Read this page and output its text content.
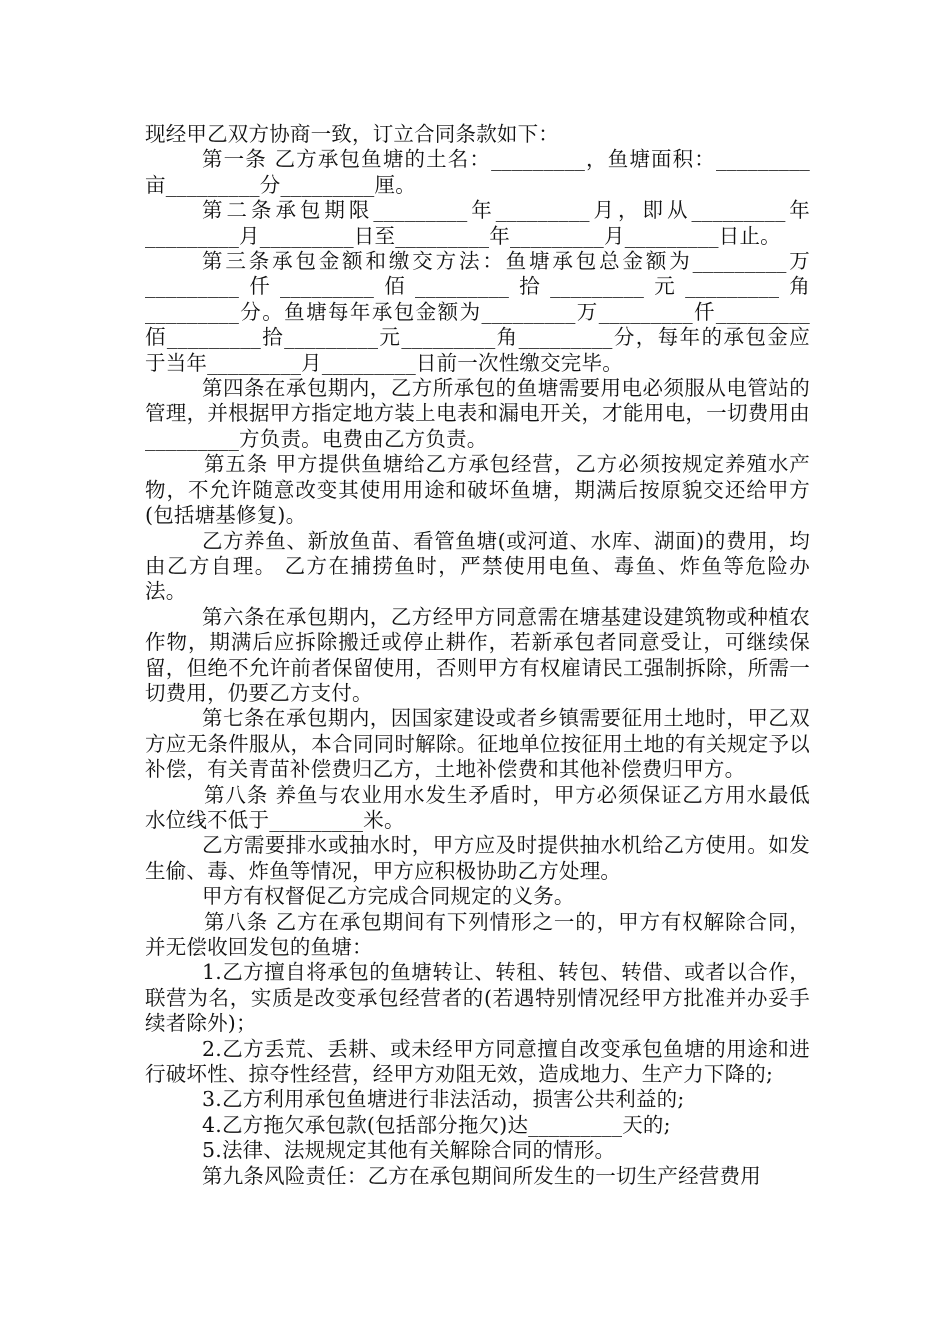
现经甲乙双方协商一致，订立合同条款如下：

第一条 乙方承包鱼塘的土名：_________，鱼塘面积：_________亩_________分_________厘。

第二条承包期限_________年_________月，即从_________年_________月_________日至_________年_________月_________日止。

第三条承包金额和缴交方法：鱼塘承包总金额为_________万_________仟_________佰_________拾_________元_________角_________分。鱼塘每年承包金额为_________万_________仟_________佰_________拾_________元_________角_________分，每年的承包金应于当年_________月_________日前一次性缴交完毕。

第四条在承包期内，乙方所承包的鱼塘需要用电必须服从电管站的管理，并根据甲方指定地方装上电表和漏电开关，才能用电，一切费用由_________方负责。电费由乙方负责。

第五条 甲方提供鱼塘给乙方承包经营，乙方必须按规定养殖水产物，不允许随意改变其使用用途和破坏鱼塘，期满后按原貌交还给甲方(包括塘基修复)。

乙方养鱼、新放鱼苗、看管鱼塘(或河道、水库、湖面)的费用，均由乙方自理。 乙方在捕捞鱼时，严禁使用电鱼、毒鱼、炸鱼等危险办法。

第六条在承包期内，乙方经甲方同意需在塘基建设建筑物或种植农作物，期满后应拆除搬迁或停止耕作，若新承包者同意受让，可继续保留，但绝不允许前者保留使用，否则甲方有权雇请民工强制拆除，所需一切费用，仍要乙方支付。

第七条在承包期内，因国家建设或者乡镇需要征用土地时，甲乙双方应无条件服从，本合同同时解除。征地单位按征用土地的有关规定予以补偿，有关青苗补偿费归乙方，土地补偿费和其他补偿费归甲方。

第八条 养鱼与农业用水发生矛盾时，甲方必须保证乙方用水最低水位线不低于_________米。

乙方需要排水或抽水时，甲方应及时提供抽水机给乙方使用。如发生偷、毒、炸鱼等情况，甲方应积极协助乙方处理。

甲方有权督促乙方完成合同规定的义务。

第八条 乙方在承包期间有下列情形之一的，甲方有权解除合同，并无偿收回发包的鱼塘：

1.乙方擅自将承包的鱼塘转让、转租、转包、转借、或者以合作，联营为名，实质是改变承包经营者的(若遇特别情况经甲方批准并办妥手续者除外)；

2.乙方丢荒、丢耕、或未经甲方同意擅自改变承包鱼塘的用途和进行破坏性、掠夺性经营，经甲方劝阻无效，造成地力、生产力下降的;

3.乙方利用承包鱼塘进行非法活动，损害公共利益的;

4.乙方拖欠承包款(包括部分拖欠)达_________天的;

5.法律、法规规定其他有关解除合同的情形。

第九条风险责任：乙方在承包期间所发生的一切生产经营费用
